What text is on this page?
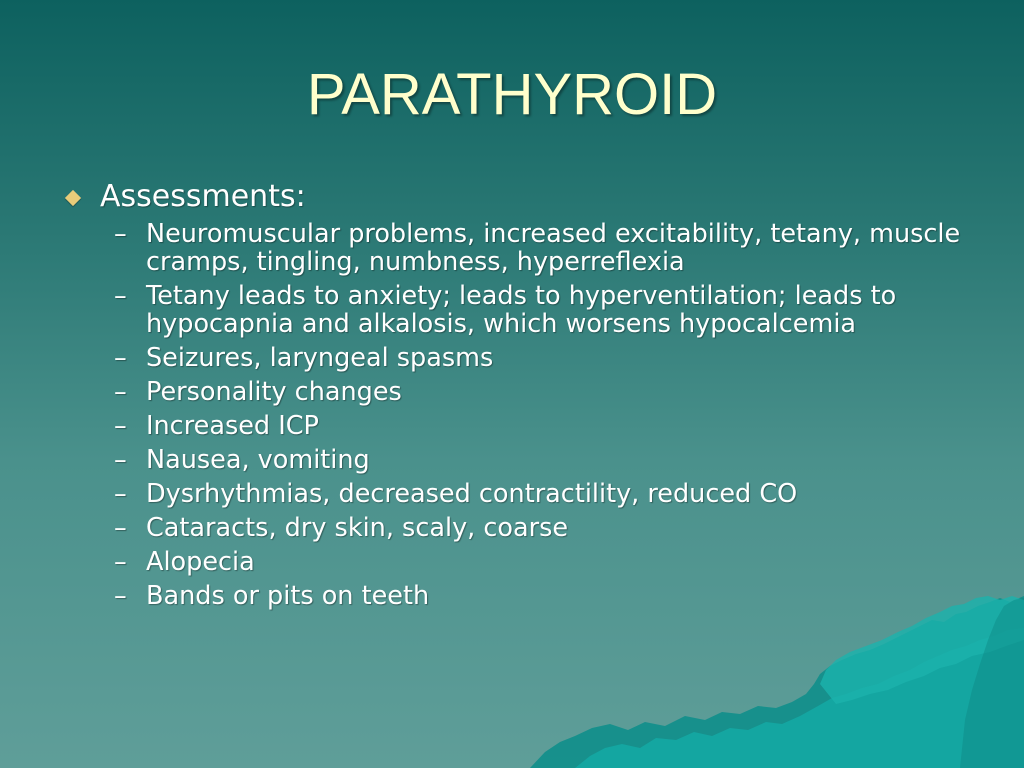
PARATHYROID
Assessments:
– Neuromuscular problems, increased excitability, tetany, muscle cramps, tingling, numbness, hyperreflexia
– Tetany leads to anxiety; leads to hyperventilation; leads to hypocapnia and alkalosis, which worsens hypocalcemia
– Seizures, laryngeal spasms
– Personality changes
– Increased ICP
– Nausea, vomiting
– Dysrhythmias, decreased contractility, reduced CO
– Cataracts, dry skin, scaly, coarse
– Alopecia
– Bands or pits on teeth
